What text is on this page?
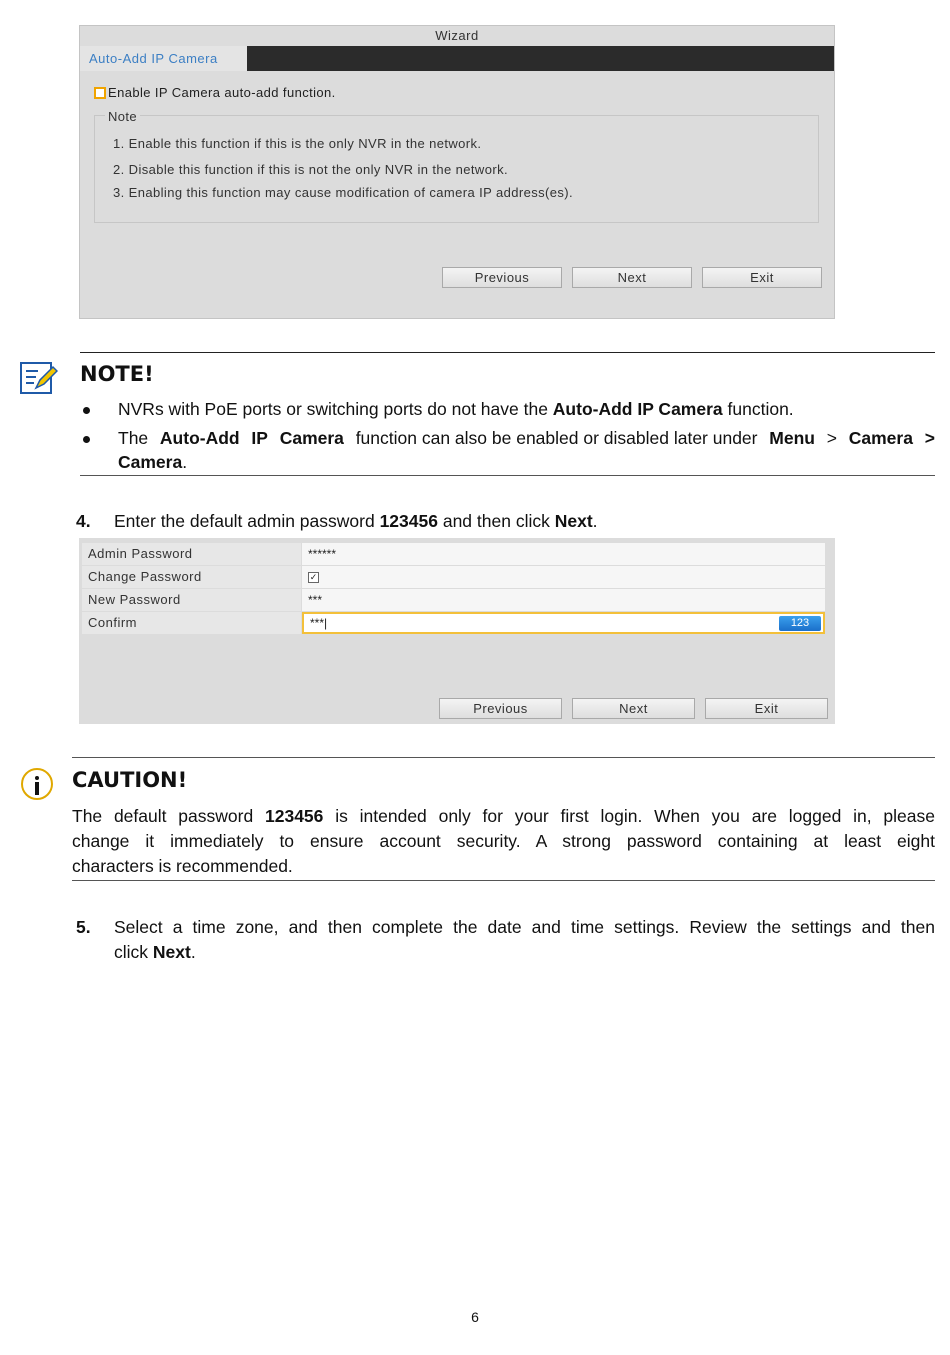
Wizard
Auto-Add IP Camera
Enable IP Camera auto-add function.
Note
1. Enable this function if this is the only NVR in the network.
2. Disable this function if this is not the only NVR in the network.
3. Enabling this function may cause modification of camera IP address(es).
Previous	Next	Exit
NOTE!
NVRs with PoE ports or switching ports do not have the Auto-Add IP Camera function.
The Auto-Add IP Camera function can also be enabled or disabled later under Menu > Camera >
Camera.
4. Enter the default admin password 123456 and then click Next.
Admin Password	******
Change Password	✓
New Password	***
Confirm	***|	123
Previous	Next	Exit
CAUTION!
The default password 123456 is intended only for your first login. When you are logged in, please
change it immediately to ensure account security. A strong password containing at least eight
characters is recommended.
5. Select a time zone, and then complete the date and time settings. Review the settings and then
click Next.
6
